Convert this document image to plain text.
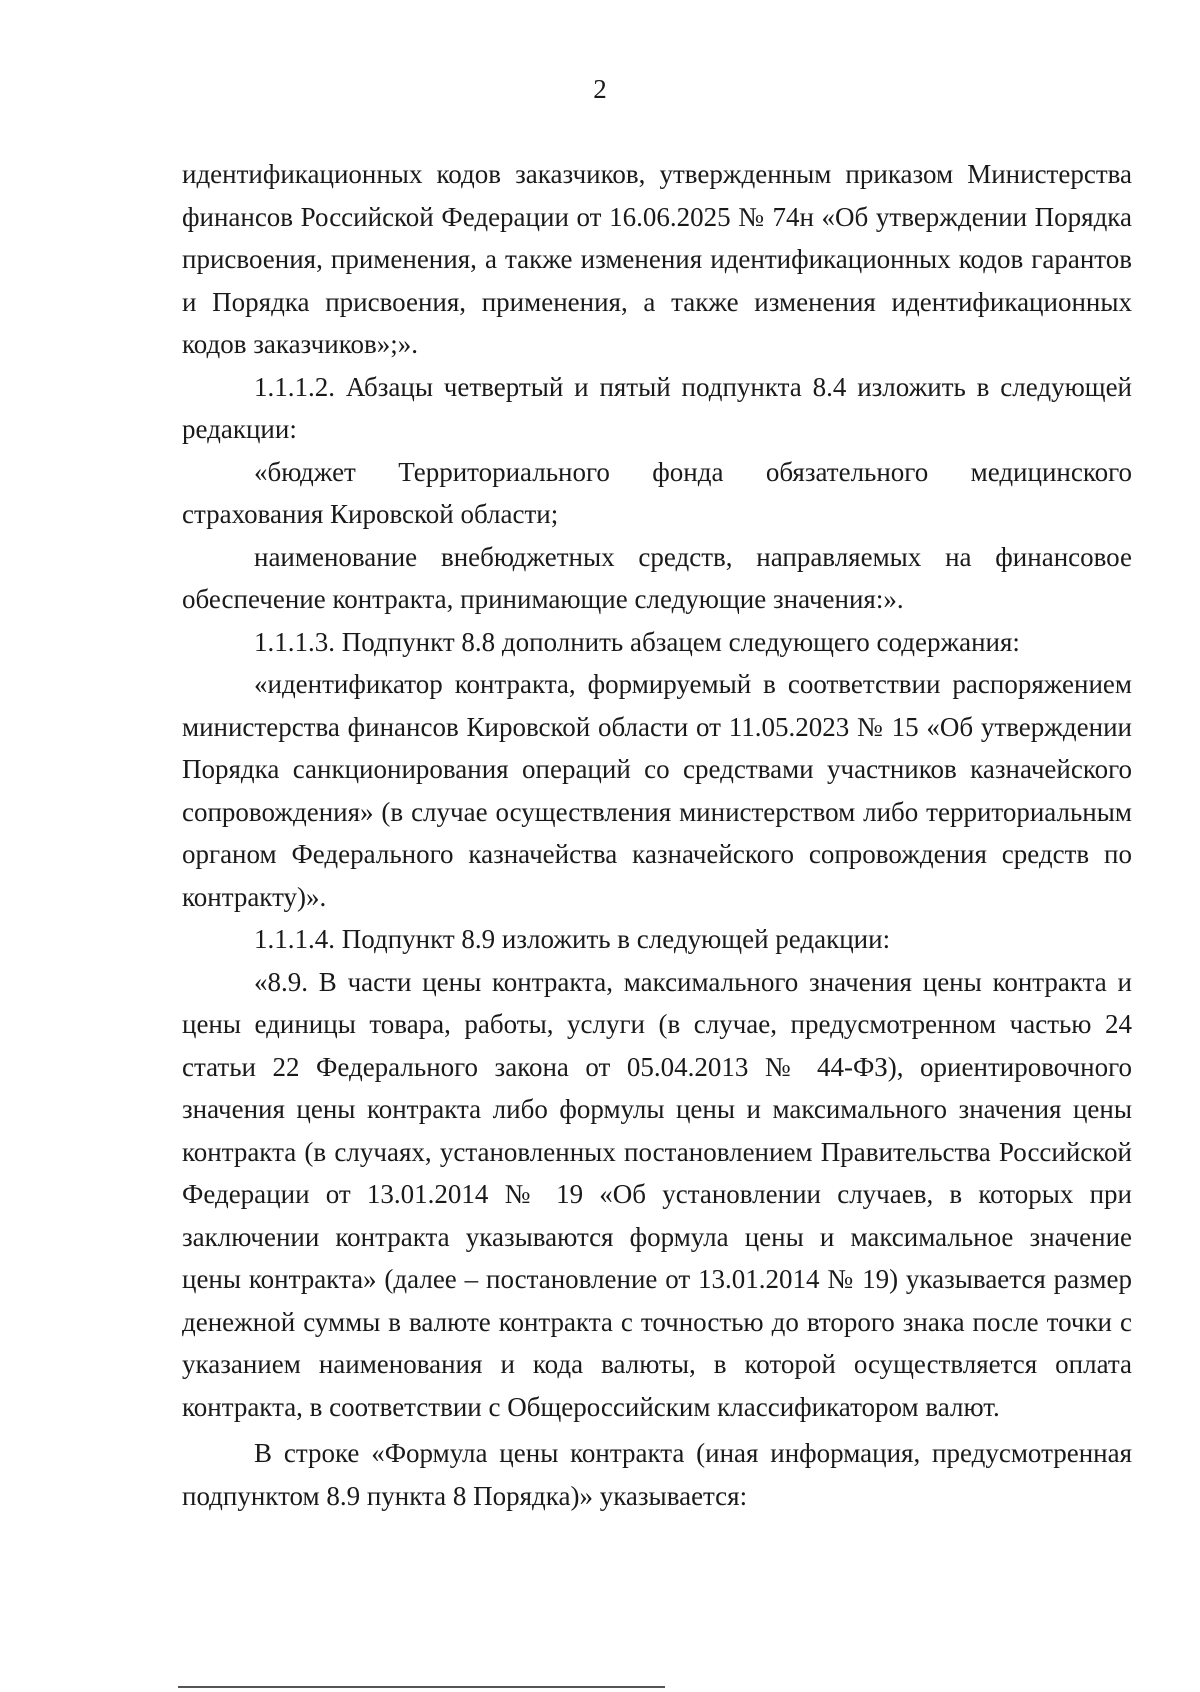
2

идентификационных кодов заказчиков, утвержденным приказом Министерства финансов Российской Федерации от 16.06.2025 № 74н «Об утверждении Порядка присвоения, применения, а также изменения идентификационных кодов гарантов и Порядка присвоения, применения, а также изменения идентификационных кодов заказчиков»;».

1.1.1.2. Абзацы четвертый и пятый подпункта 8.4 изложить в следующей редакции:

«бюджет Территориального фонда обязательного медицинского страхования Кировской области;

наименование внебюджетных средств, направляемых на финансовое обеспечение контракта, принимающие следующие значения:».

1.1.1.3. Подпункт 8.8 дополнить абзацем следующего содержания:

«идентификатор контракта, формируемый в соответствии распоряжением министерства финансов Кировской области от 11.05.2023 № 15 «Об утверждении Порядка санкционирования операций со средствами участников казначейского сопровождения» (в случае осуществления министерством либо территориальным органом Федерального казначейства казначейского сопровождения средств по контракту)».

1.1.1.4. Подпункт 8.9 изложить в следующей редакции:

«8.9. В части цены контракта, максимального значения цены контракта и цены единицы товара, работы, услуги (в случае, предусмотренном частью 24 статьи 22 Федерального закона от 05.04.2013 № 44-ФЗ), ориентировочного значения цены контракта либо формулы цены и максимального значения цены контракта (в случаях, установленных постановлением Правительства Российской Федерации от 13.01.2014 № 19 «Об установлении случаев, в которых при заключении контракта указываются формула цены и максимальное значение цены контракта» (далее – постановление от 13.01.2014 № 19) указывается размер денежной суммы в валюте контракта с точностью до второго знака после точки с указанием наименования и кода валюты, в которой осуществляется оплата контракта, в соответствии с Общероссийским классификатором валют.

В строке «Формула цены контракта (иная информация, предусмотренная подпунктом 8.9 пункта 8 Порядка)» указывается:
